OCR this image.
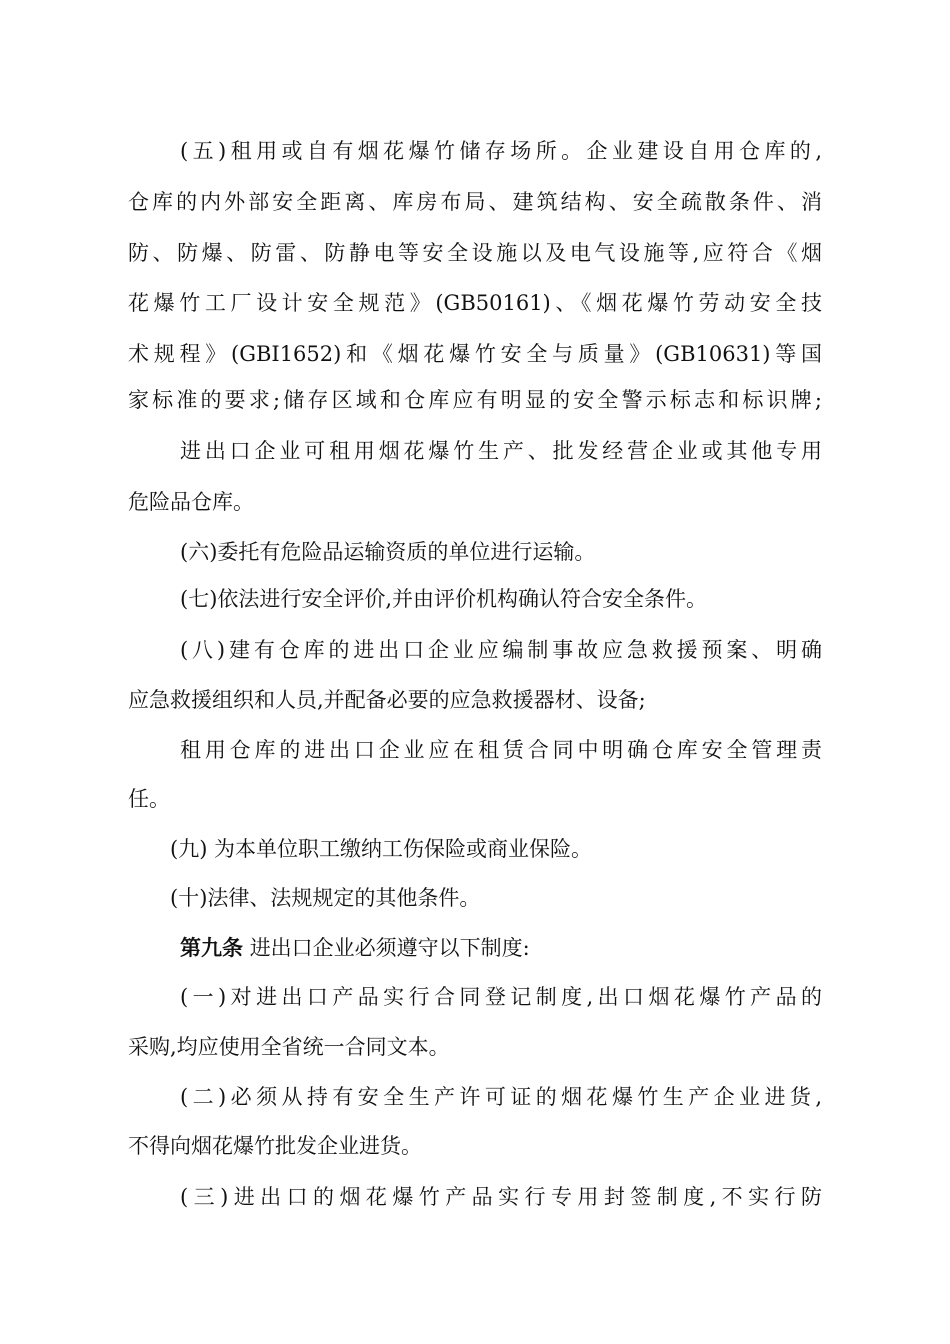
(五)租用或自有烟花爆竹储存场所。企业建设自用仓库的,
仓库的内外部安全距离、库房布局、建筑结构、安全疏散条件、消
防、防爆、防雷、防静电等安全设施以及电气设施等,应符合《烟
花爆竹工厂设计安全规范》(GB50161)、《烟花爆竹劳动安全技
术规程》(GBI1652)和《烟花爆竹安全与质量》(GB10631)等国
家标准的要求;储存区域和仓库应有明显的安全警示标志和标识牌;
进出口企业可租用烟花爆竹生产、批发经营企业或其他专用
危险品仓库。
(六)委托有危险品运输资质的单位进行运输。
(七)依法进行安全评价,并由评价机构确认符合安全条件。
(八)建有仓库的进出口企业应编制事故应急救援预案、明确
应急救援组织和人员,并配备必要的应急救援器材、设备;
租用仓库的进出口企业应在租赁合同中明确仓库安全管理责
任。
(九) 为本单位职工缴纳工伤保险或商业保险。
(十)法律、法规规定的其他条件。
第九条 进出口企业必须遵守以下制度:
(一)对进出口产品实行合同登记制度,出口烟花爆竹产品的
采购,均应使用全省统一合同文本。
(二)必须从持有安全生产许可证的烟花爆竹生产企业进货,
不得向烟花爆竹批发企业进货。
(三)进出口的烟花爆竹产品实行专用封签制度,不实行防
